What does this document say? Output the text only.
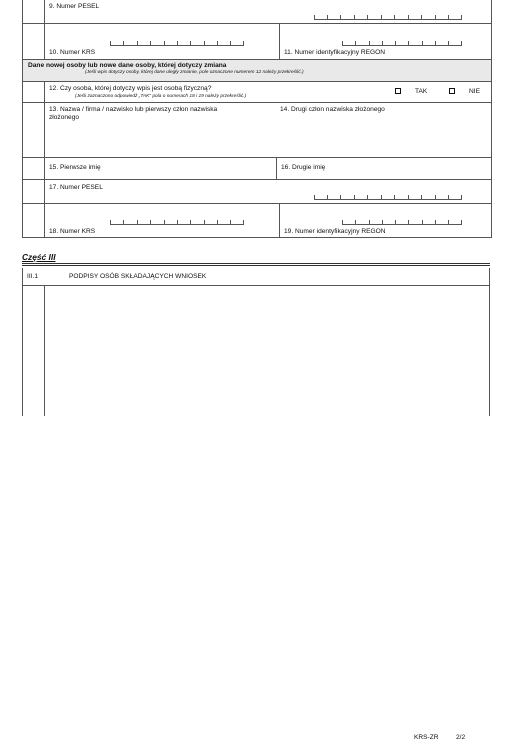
9. Numer PESEL
10. Numer KRS	11. Numer identyfikacyjny REGON
Dane nowej osoby lub nowe dane osoby, której dotyczy zmiana
(Jeśli wpis dotyczy osoby, której dane uległy zmianie, pole oznaczone numerem 12 należy przekreślić.)
12. Czy osoba, której dotyczy wpis jest osobą fizyczną?
(Jeśli zaznaczono odpowiedź „TAK" pola o numerach 18 i 19 należy przekreślić.)
TAK	NIE
13. Nazwa / firma / nazwisko lub pierwszy człon nazwiska złożonego
14. Drugi człon nazwiska złożonego
15. Pierwsze imię	16. Drugie imię
17. Numer PESEL
18. Numer KRS	19. Numer identyfikacyjny REGON
Część III
III.1	PODPISY OSÓB SKŁADAJĄCYCH WNIOSEK
KRS-ZR	2/2
